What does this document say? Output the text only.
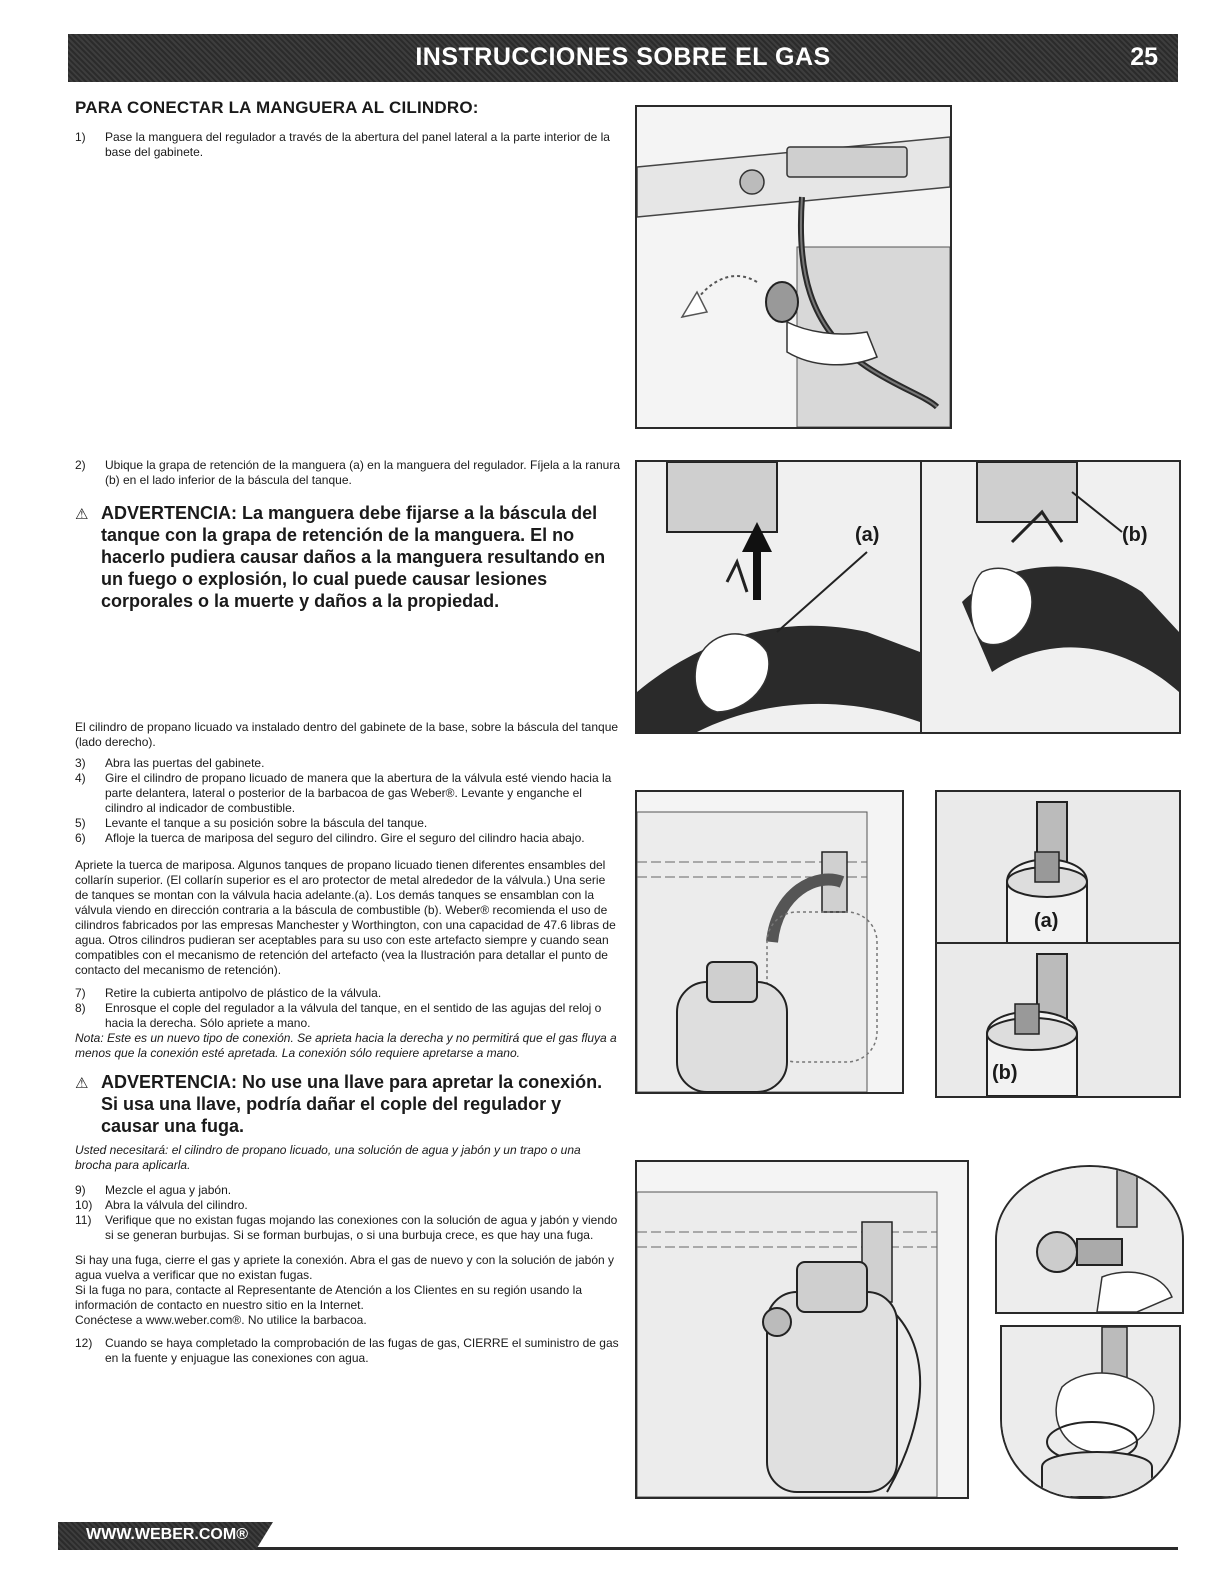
INSTRUCCIONES SOBRE EL GAS	25
PARA CONECTAR LA MANGUERA AL CILINDRO:
1)	Pase la manguera del regulador a través de la abertura del panel lateral a la parte interior de la base del gabinete.
2)	Ubique la grapa de retención de la manguera (a) en la manguera del regulador. Fíjela a la ranura (b) en el lado inferior de la báscula del tanque.
⚠ ADVERTENCIA: La manguera debe fijarse a la báscula del tanque con la grapa de retención de la manguera. El no hacerlo pudiera causar daños a la manguera resultando en un fuego o explosión, lo cual puede causar lesiones corporales o la muerte y daños a la propiedad.
El cilindro de propano licuado va instalado dentro del gabinete de la base, sobre la báscula del tanque (lado derecho).
3)	Abra las puertas del gabinete.
4)	Gire el cilindro de propano licuado de manera que la abertura de la válvula esté viendo hacia la parte delantera, lateral o posterior de la barbacoa de gas Weber®. Levante y enganche el cilindro al indicador de combustible.
5)	Levante el tanque a su posición sobre la báscula del tanque.
6)	Afloje la tuerca de mariposa del seguro del cilindro. Gire el seguro del cilindro hacia abajo.
Apriete la tuerca de mariposa. Algunos tanques de propano licuado tienen diferentes ensambles del collarín superior. (El collarín superior es el aro protector de metal alrededor de la válvula.) Una serie de tanques se montan con la válvula hacia adelante.(a). Los demás tanques se ensamblan con la válvula viendo en dirección contraria a la báscula de combustible (b). Weber® recomienda el uso de cilindros fabricados por las empresas Manchester y Worthington, con una capacidad de 47.6 libras de agua. Otros cilindros pudieran ser aceptables para su uso con este artefacto siempre y cuando sean compatibles con el mecanismo de retención del artefacto (vea la Ilustración para detallar el punto de contacto del mecanismo de retención).
7)	Retire la cubierta antipolvo de plástico de la válvula.
8)	Enrosque el cople del regulador a la válvula del tanque, en el sentido de las agujas del reloj o hacia la derecha. Sólo apriete a mano.
Nota: Este es un nuevo tipo de conexión. Se aprieta hacia la derecha y no permitirá que el gas fluya a menos que la conexión esté apretada. La conexión sólo requiere apretarse a mano.
⚠ ADVERTENCIA: No use una llave para apretar la conexión. Si usa una llave, podría dañar el cople del regulador y causar una fuga.
Usted necesitará: el cilindro de propano licuado, una solución de agua y jabón y un trapo o una brocha para aplicarla.
9)	Mezcle el agua y jabón.
10)	Abra la válvula del cilindro.
11)	Verifique que no existan fugas mojando las conexiones con la solución de agua y jabón y viendo si se generan burbujas. Si se forman burbujas, o si una burbuja crece, es que hay una fuga.
Si hay una fuga, cierre el gas y apriete la conexión. Abra el gas de nuevo y con la solución de jabón y agua vuelva a verificar que no existan fugas.
Si la fuga no para, contacte al Representante de Atención a los Clientes en su región usando la información de contacto en nuestro sitio en la Internet.
Conéctese a www.weber.com®. No utilice la barbacoa.
12)	Cuando se haya completado la comprobación de las fugas de gas, CIERRE el suministro de gas en la fuente y enjuague las conexiones con agua.
(a)	(b)
(a)
(b)
WWW.WEBER.COM®
